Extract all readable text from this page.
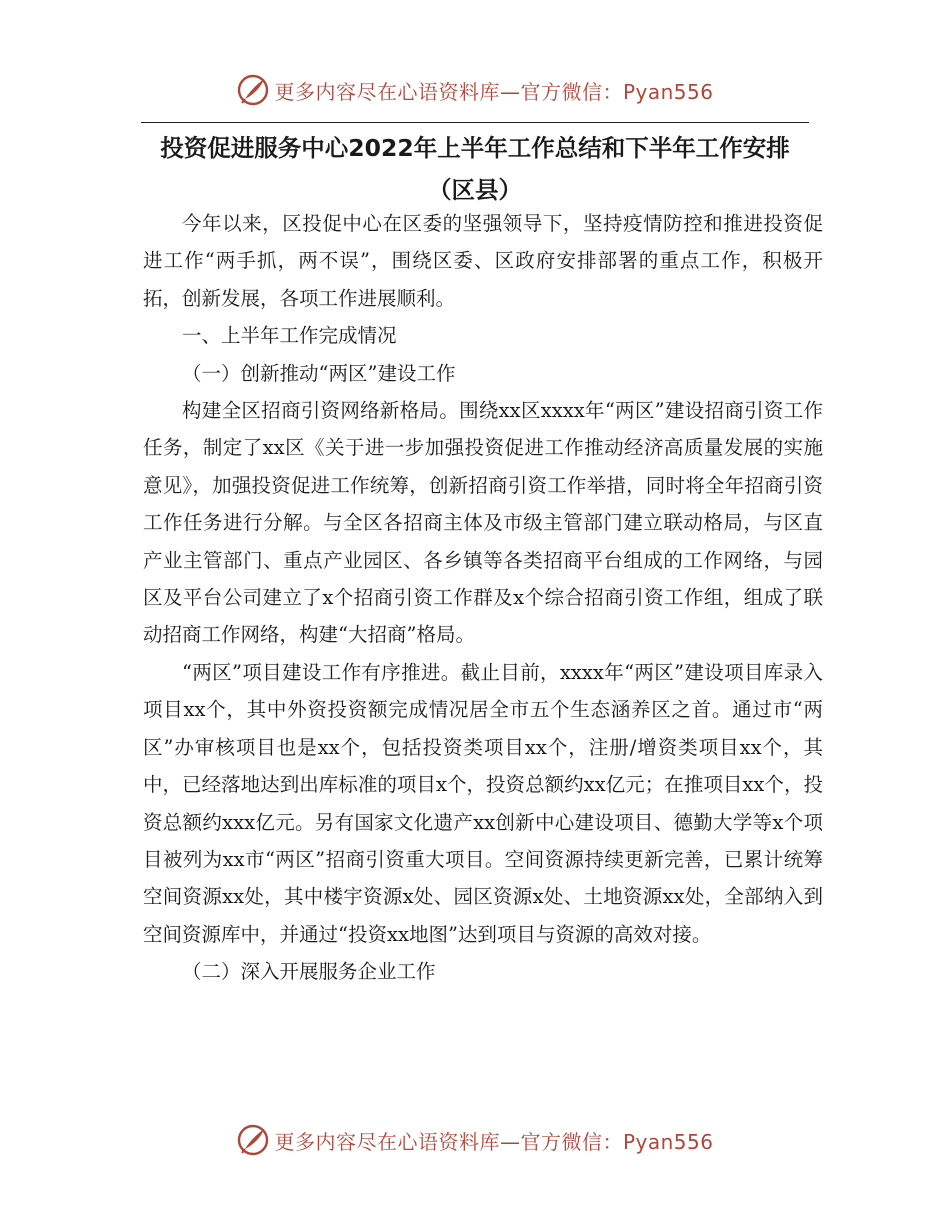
更多内容尽在心语资料库—官方微信：Pyan556
投资促进服务中心2022年上半年工作总结和下半年工作安排
（区县）

今年以来，区投促中心在区委的坚强领导下，坚持疫情防控和推进投资促进工作“两手抓，两不误”，围绕区委、区政府安排部署的重点工作，积极开拓，创新发展，各项工作进展顺利。

一、上半年工作完成情况

（一）创新推动“两区”建设工作

构建全区招商引资网络新格局。围绕xx区xxxx年“两区”建设招商引资工作任务，制定了xx区《关于进一步加强投资促进工作推动经济高质量发展的实施意见》，加强投资促进工作统筹，创新招商引资工作举措，同时将全年招商引资工作任务进行分解。与全区各招商主体及市级主管部门建立联动格局，与区直产业主管部门、重点产业园区、各乡镇等各类招商平台组成的工作网络，与园区及平台公司建立了x个招商引资工作群及x个综合招商引资工作组，组成了联动招商工作网络，构建“大招商”格局。

“两区”项目建设工作有序推进。截止目前，xxxx年“两区”建设项目库录入项目xx个，其中外资投资额完成情况居全市五个生态涵养区之首。通过市“两区”办审核项目也是xx个，包括投资类项目xx个，注册/增资类项目xx个，其中，已经落地达到出库标准的项目x个，投资总额约xx亿元；在推项目xx个，投资总额约xxx亿元。另有国家文化遗产xx创新中心建设项目、德勤大学等x个项目被列为xx市“两区”招商引资重大项目。空间资源持续更新完善，已累计统筹空间资源xx处，其中楼宇资源x处、园区资源x处、土地资源xx处，全部纳入到空间资源库中，并通过“投资xx地图”达到项目与资源的高效对接。

（二）深入开展服务企业工作

更多内容尽在心语资料库—官方微信：Pyan556
